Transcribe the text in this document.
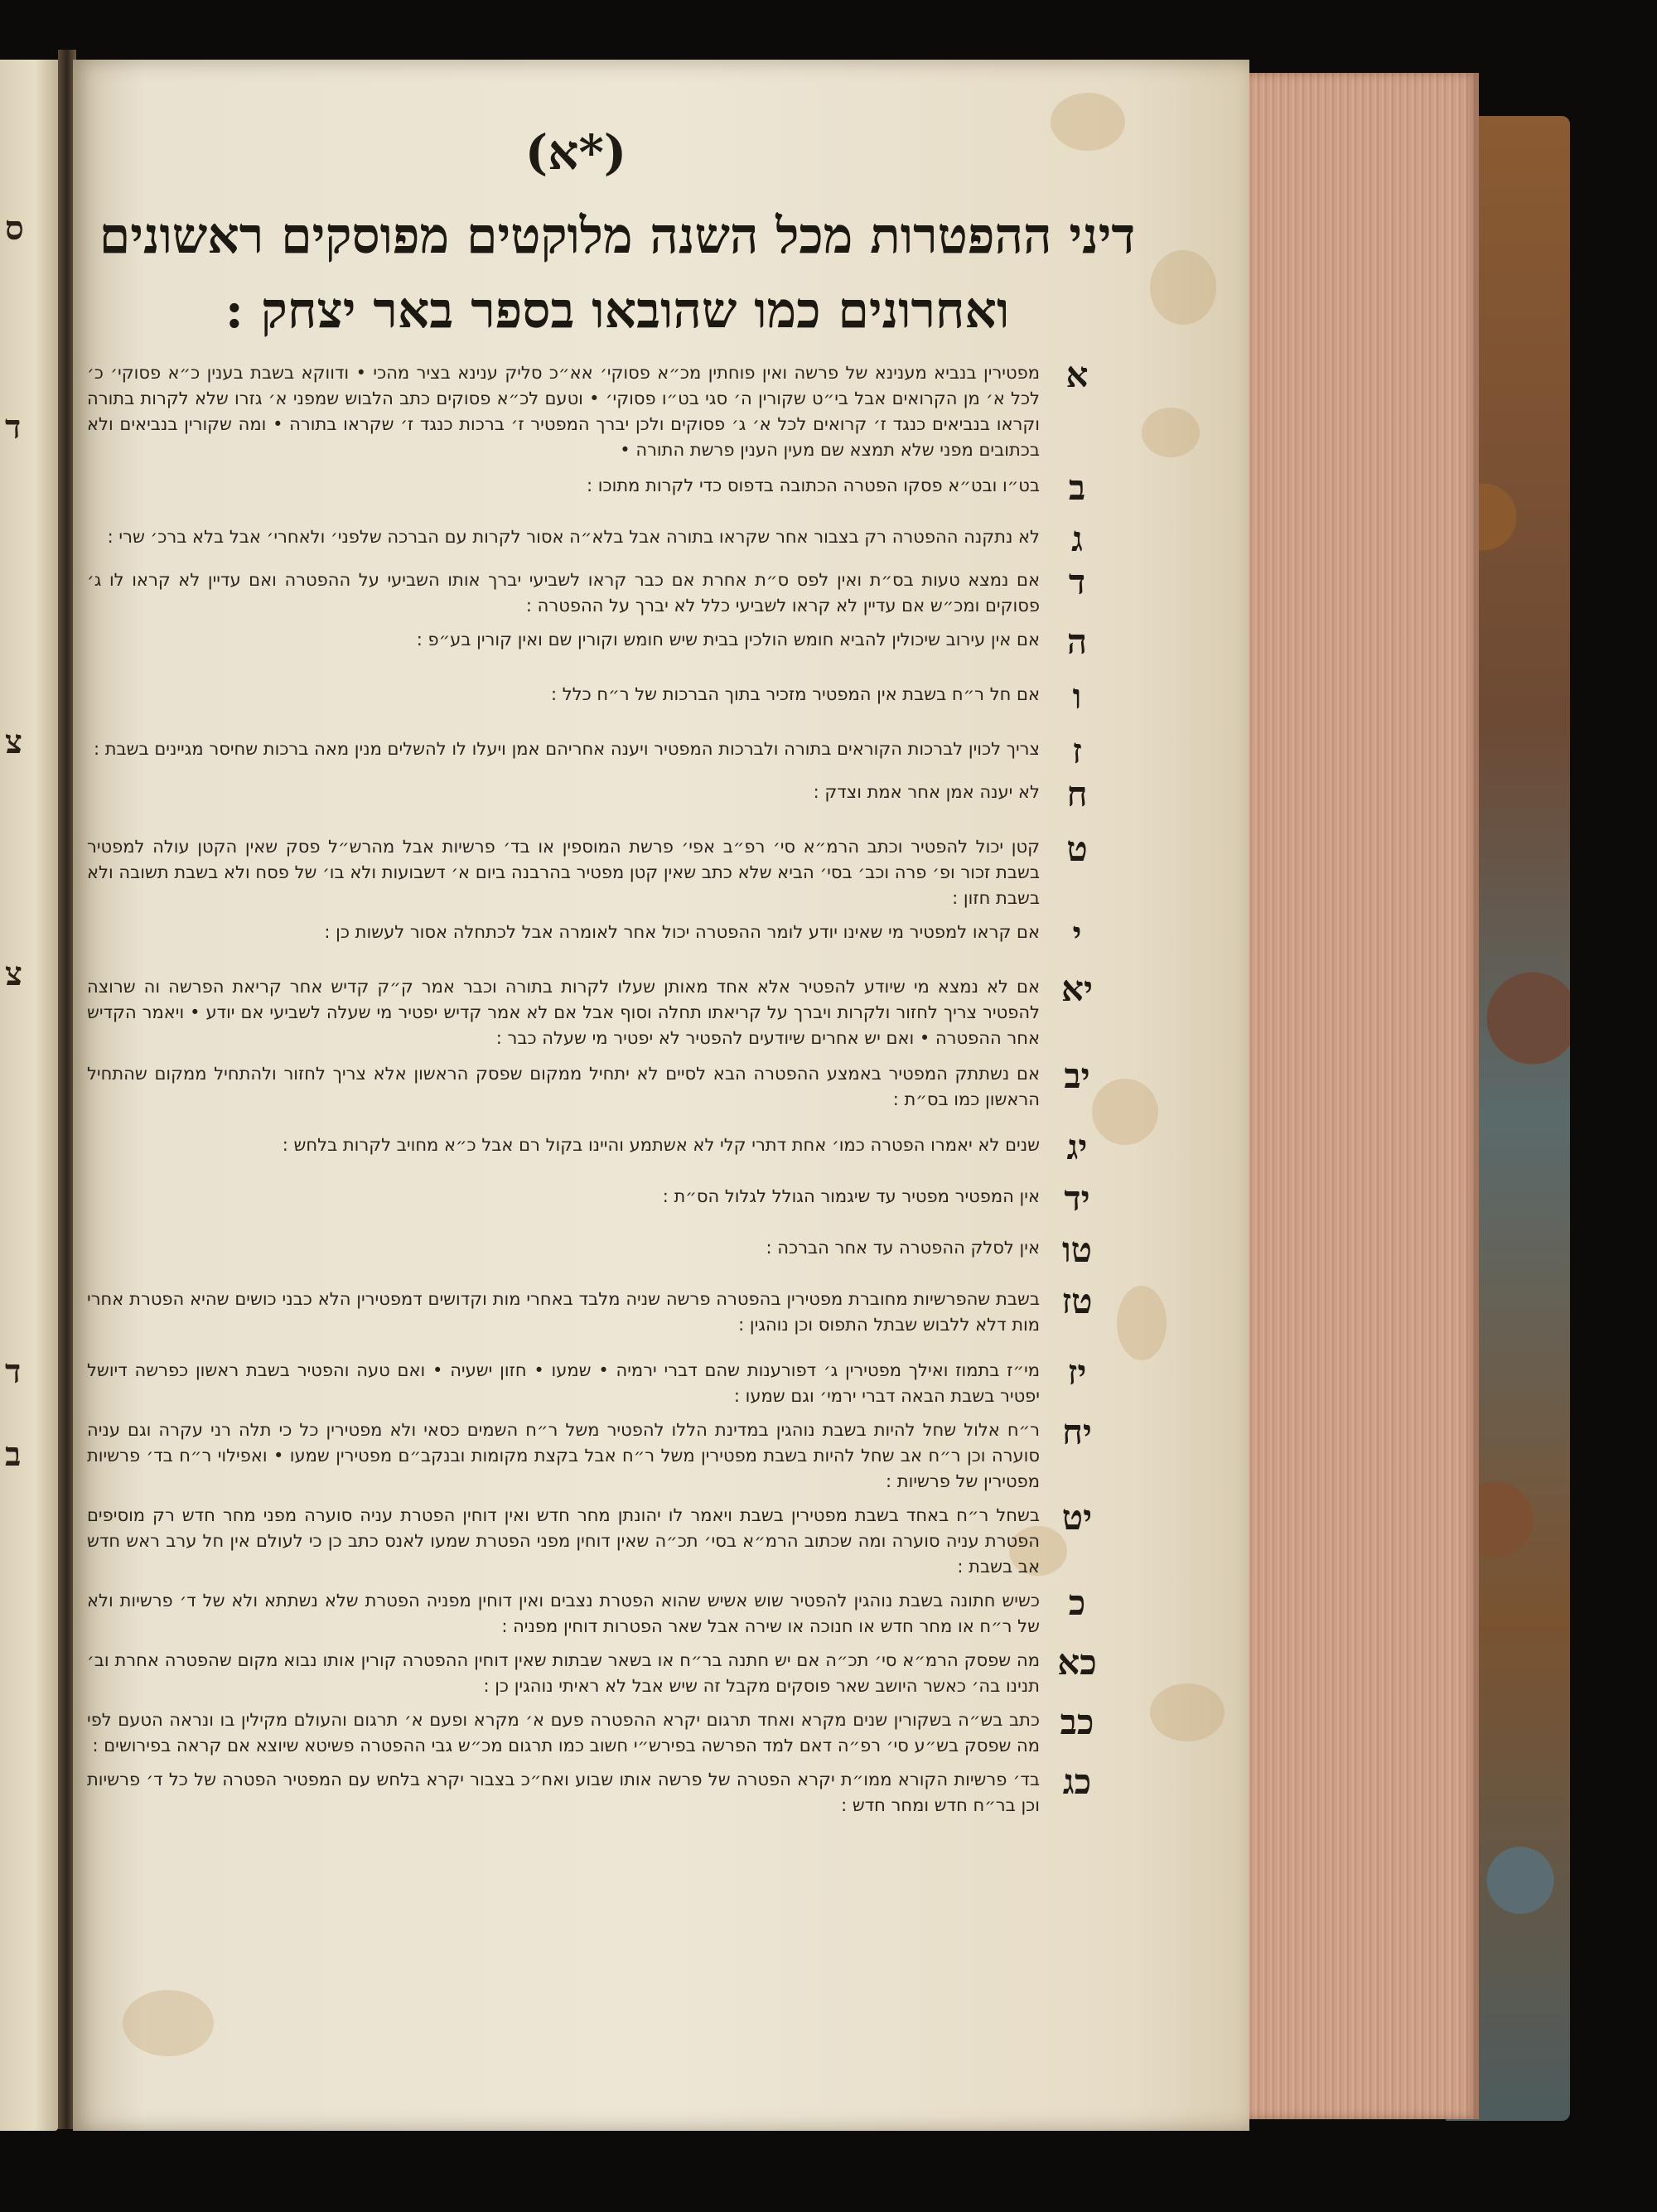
ס
ד
צ
צ
ד
ב
(א*)
דיני ההפטרות מכל השנה מלוקטים מפוסקים ראשונים ואחרונים כמו שהובאו בספר באר יצחק :
א
מפטירין בנביא מענינא של פרשה ואין פוחתין מכ״א פסוקי׳ אא״כ סליק ענינא בציר מהכי • ודווקא בשבת בענין כ״א פסוקי׳ כ׳ לכל א׳ מן הקרואים אבל בי״ט שקורין ה׳ סגי בט״ו פסוקי׳ • וטעם לכ״א פסוקים כתב הלבוש שמפני א׳ גזרו שלא לקרות בתורה וקראו בנביאים כנגד ז׳ קרואים לכל א׳ ג׳ פסוקים ולכן יברך המפטיר ז׳ ברכות כנגד ז׳ שקראו בתורה • ומה שקורין בנביאים ולא בכתובים מפני שלא תמצא שם מעין הענין פרשת התורה •
ב
בט״ו ובט״א פסקו הפטרה הכתובה בדפוס כדי לקרות מתוכו :
ג
לא נתקנה ההפטרה רק בצבור אחר שקראו בתורה אבל בלא״ה אסור לקרות עם הברכה שלפני׳ ולאחרי׳ אבל בלא ברכ׳ שרי :
ד
אם נמצא טעות בס״ת ואין לפס ס״ת אחרת אם כבר קראו לשביעי יברך אותו השביעי על ההפטרה ואם עדיין לא קראו לו ג׳ פסוקים ומכ״ש אם עדיין לא קראו לשביעי כלל לא יברך על ההפטרה :
ה
אם אין עירוב שיכולין להביא חומש הולכין בבית שיש חומש וקורין שם ואין קורין בע״פ :
ו
אם חל ר״ח בשבת אין המפטיר מזכיר בתוך הברכות של ר״ח כלל :
ז
צריך לכוין לברכות הקוראים בתורה ולברכות המפטיר ויענה אחריהם אמן ויעלו לו להשלים מנין מאה ברכות שחיסר מגיינים בשבת :
ח
לא יענה אמן אחר אמת וצדק :
ט
קטן יכול להפטיר וכתב הרמ״א סי׳ רפ״ב אפי׳ פרשת המוספין או בד׳ פרשיות אבל מהרש״ל פסק שאין הקטן עולה למפטיר בשבת זכור ופ׳ פרה וכב׳ בסי׳ הביא שלא כתב שאין קטן מפטיר בהרבנה ביום א׳ דשבועות ולא בו׳ של פסח ולא בשבת תשובה ולא בשבת חזון :
י
אם קראו למפטיר מי שאינו יודע לומר ההפטרה יכול אחר לאומרה אבל לכתחלה אסור לעשות כן :
יא
אם לא נמצא מי שיודע להפטיר אלא אחד מאותן שעלו לקרות בתורה וכבר אמר ק״ק קדיש אחר קריאת הפרשה וה שרוצה להפטיר צריך לחזור ולקרות ויברך על קריאתו תחלה וסוף אבל אם לא אמר קדיש יפטיר מי שעלה לשביעי אם יודע • ויאמר הקדיש אחר ההפטרה • ואם יש אחרים שיודעים להפטיר לא יפטיר מי שעלה כבר :
יב
אם נשתתק המפטיר באמצע ההפטרה הבא לסיים לא יתחיל ממקום שפסק הראשון אלא צריך לחזור ולהתחיל ממקום שהתחיל הראשון כמו בס״ת :
יג
שנים לא יאמרו הפטרה כמו׳ אחת דתרי קלי לא אשתמע והיינו בקול רם אבל כ״א מחויב לקרות בלחש :
יד
אין המפטיר מפטיר עד שיגמור הגולל לגלול הס״ת :
טו
אין לסלק ההפטרה עד אחר הברכה :
טז
בשבת שהפרשיות מחוברת מפטירין בהפטרה פרשה שניה מלבד באחרי מות וקדושים דמפטירין הלא כבני כושים שהיא הפטרת אחרי מות דלא ללבוש שבתל התפוס וכן נוהגין :
יז
מי״ז בתמוז ואילך מפטירין ג׳ דפורענות שהם דברי ירמיה • שמעו • חזון ישעיה • ואם טעה והפטיר בשבת ראשון כפרשה דיושל יפטיר בשבת הבאה דברי ירמי׳ וגם שמעו :
יח
ר״ח אלול שחל להיות בשבת נוהגין במדינת הללו להפטיר משל ר״ח השמים כסאי ולא מפטירין כל כי תלה רני עקרה וגם עניה סוערה וכן ר״ח אב שחל להיות בשבת מפטירין משל ר״ח אבל בקצת מקומות ובנקב״ם מפטירין שמעו • ואפילוי ר״ח בד׳ פרשיות מפטירין של פרשיות :
יט
בשחל ר״ח באחד בשבת מפטירין בשבת ויאמר לו יהונתן מחר חדש ואין דוחין הפטרת עניה סוערה מפני מחר חדש רק מוסיפים הפטרת עניה סוערה ומה שכתוב הרמ״א בסי׳ תכ״ה שאין דוחין מפני הפטרת שמעו לאנס כתב כן כי לעולם אין חל ערב ראש חדש אב בשבת :
כ
כשיש חתונה בשבת נוהגין להפטיר שוש אשיש שהוא הפטרת נצבים ואין דוחין מפניה הפטרת שלא נשתתא ולא של ד׳ פרשיות ולא של ר״ח או מחר חדש או חנוכה או שירה אבל שאר הפטרות דוחין מפניה :
כא
מה שפסק הרמ״א סי׳ תכ״ה אם יש חתנה בר״ח או בשאר שבתות שאין דוחין ההפטרה קורין אותו נבוא מקום שהפטרה אחרת וב׳ תנינו בה׳ כאשר היושב שאר פוסקים מקבל זה שיש אבל לא ראיתי נוהגין כן :
כב
כתב בש״ה בשקורין שנים מקרא ואחד תרגום יקרא ההפטרה פעם א׳ מקרא ופעם א׳ תרגום והעולם מקילין בו ונראה הטעם לפי מה שפסק בש״ע סי׳ רפ״ה דאם למד הפרשה בפירש״י חשוב כמו תרגום מכ״ש גבי ההפטרה פשיטא שיוצא אם קראה בפירושים :
כג
בד׳ פרשיות הקורא ממו״ת יקרא הפטרה של פרשה אותו שבוע ואח״כ בצבור יקרא בלחש עם המפטיר הפטרה של כל ד׳ פרשיות וכן בר״ח חדש ומחר חדש :
